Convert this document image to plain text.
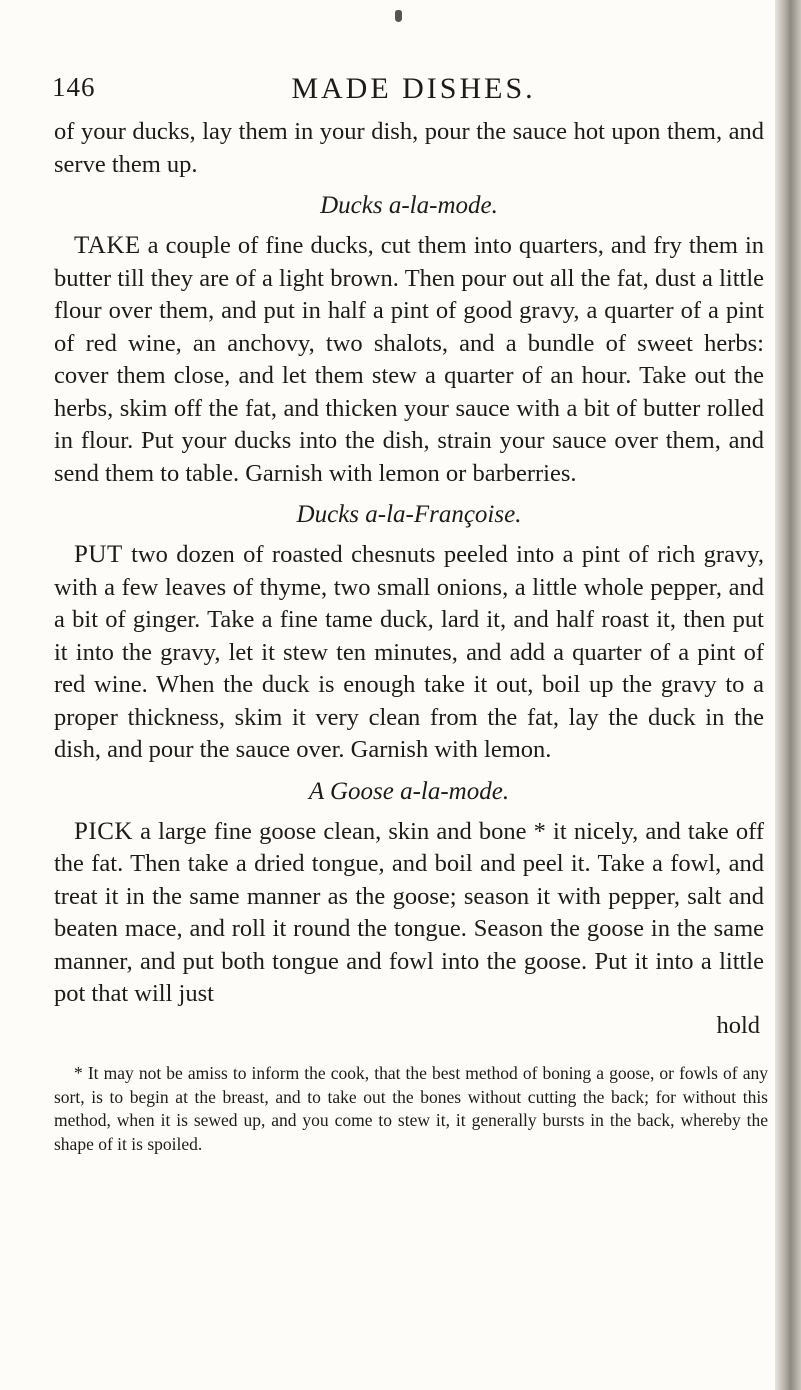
146	MADE DISHES.

of your ducks, lay them in your dish, pour the sauce hot upon them, and serve them up.

Ducks a-la-mode.

TAKE a couple of fine ducks, cut them into quarters, and fry them in butter till they are of a light brown. Then pour out all the fat, dust a little flour over them, and put in half a pint of good gravy, a quarter of a pint of red wine, an anchovy, two shalots, and a bundle of sweet herbs: cover them close, and let them stew a quarter of an hour. Take out the herbs, skim off the fat, and thicken your sauce with a bit of butter rolled in flour. Put your ducks into the dish, strain your sauce over them, and send them to table. Garnish with lemon or barberries.

Ducks a-la-Françoise.

PUT two dozen of roasted chesnuts peeled into a pint of rich gravy, with a few leaves of thyme, two small onions, a little whole pepper, and a bit of ginger. Take a fine tame duck, lard it, and half roast it, then put it into the gravy, let it stew ten minutes, and add a quarter of a pint of red wine. When the duck is enough take it out, boil up the gravy to a proper thickness, skim it very clean from the fat, lay the duck in the dish, and pour the sauce over. Garnish with lemon.

A Goose a-la-mode.

PICK a large fine goose clean, skin and bone * it nicely, and take off the fat. Then take a dried tongue, and boil and peel it. Take a fowl, and treat it in the same manner as the goose; season it with pepper, salt and beaten mace, and roll it round the tongue. Season the goose in the same manner, and put both tongue and fowl into the goose. Put it into a little pot that will just

hold

* It may not be amiss to inform the cook, that the best method of boning a goose, or fowls of any sort, is to begin at the breast, and to take out the bones without cutting the back; for without this method, when it is sewed up, and you come to stew it, it generally bursts in the back, whereby the shape of it is spoiled.
